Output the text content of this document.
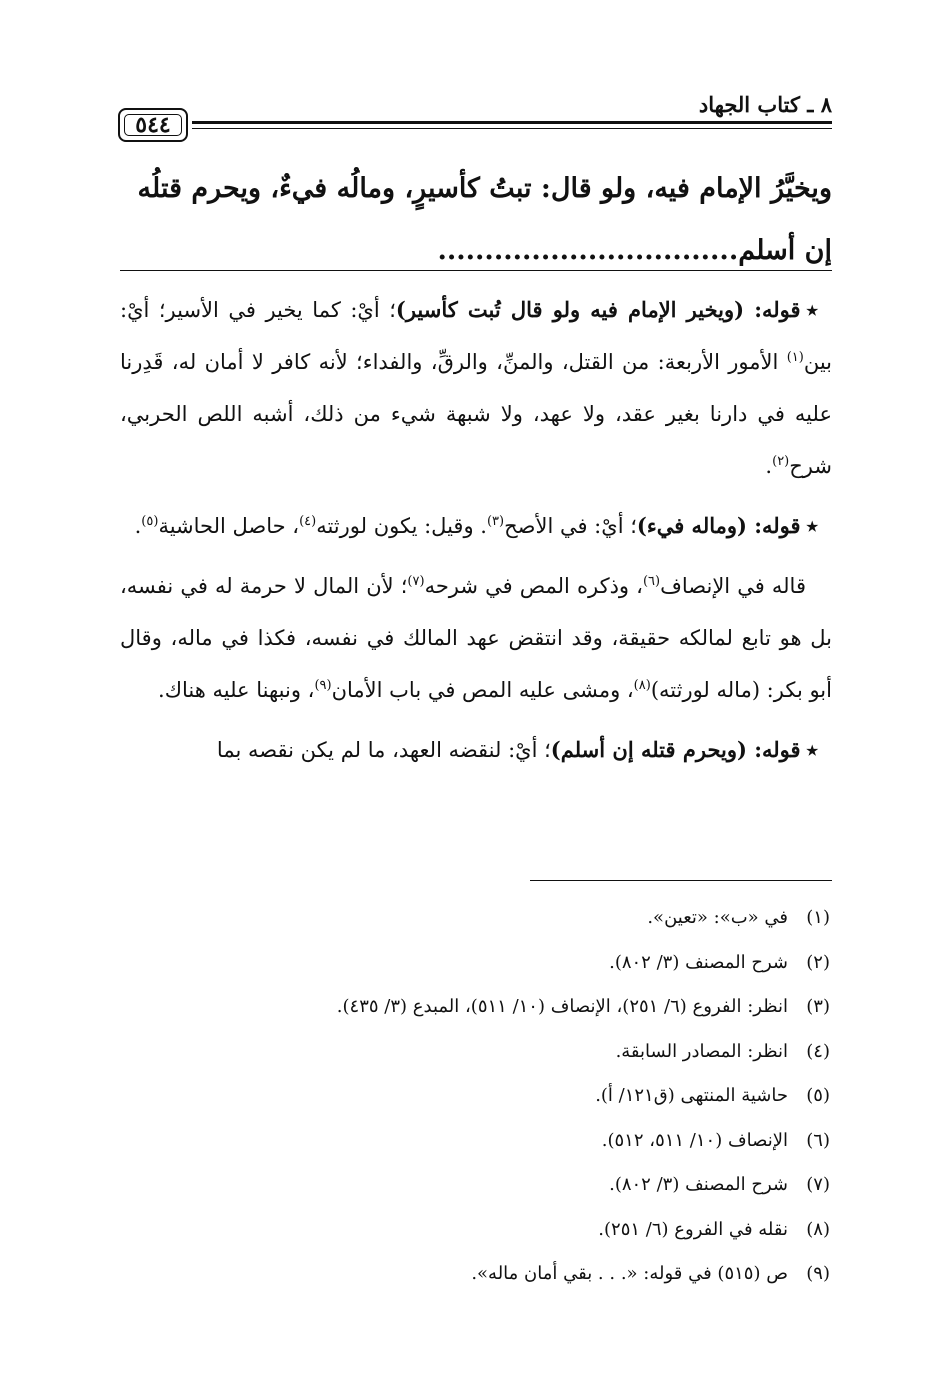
٨ ـ كتاب الجهاد
٥٤٤
ويخيَّرُ الإمام فيه، ولو قال: تبتُ كأسيرٍ، ومالُه فيءٌ، ويحرم قتلُه
إن أسلم................................

٭قوله: (ويخير الإمام فيه ولو قال تُبت كأسير)؛ أيْ: كما يخير في الأسير؛ أيْ: بين$^{(١)}$ الأمور الأربعة: من القتل، والمنِّ، والرقِّ، والفداء؛ لأنه كافر لا أمان له، قَدِرنا عليه في دارنا بغير عقد، ولا عهد، ولا شبهة شيء من ذلك، أشبه اللص الحربي، شرح$^{(٢)}$.

٭قوله: (وماله فيء)؛ أيْ: في الأصح$^{(٣)}$. وقيل: يكون لورثته$^{(٤)}$، حاصل الحاشية$^{(٥)}$.

قاله في الإنصاف$^{(٦)}$، وذكره المص في شرحه$^{(٧)}$؛ لأن المال لا حرمة له في نفسه، بل هو تابع لمالكه حقيقة، وقد انتقض عهد المالك في نفسه، فكذا في ماله، وقال أبو بكر: (ماله لورثته)$^{(٨)}$، ومشى عليه المص في باب الأمان$^{(٩)}$، ونبهنا عليه هناك.

٭قوله: (ويحرم قتله إن أسلم)؛ أيْ: لنقضه العهد، ما لم يكن نقصه بما

(١)في «ب»: «تعين».
(٢)شرح المصنف (٣/ ٨٠٢).
(٣)انظر: الفروع (٦/ ٢٥١)، الإنصاف (١٠/ ٥١١)، المبدع (٣/ ٤٣٥).
(٤)انظر: المصادر السابقة.
(٥)حاشية المنتهى (ق١٢١/ أ).
(٦)الإنصاف (١٠/ ٥١١، ٥١٢).
(٧)شرح المصنف (٣/ ٨٠٢).
(٨)نقله في الفروع (٦/ ٢٥١).
(٩)ص (٥١٥) في قوله: «. . . بقي أمان ماله».
